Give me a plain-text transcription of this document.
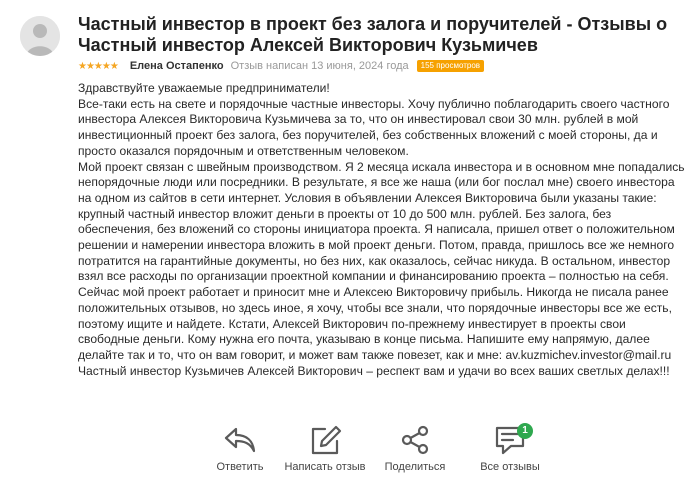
Частный инвестор в проект без залога и поручителей - Отзывы о Частный инвестор Алексей Викторович Кузьмичев
★★★★★ Елена Остапенко Отзыв написан 13 июня, 2024 года	155 просмотров

Здравствуйте уважаемые предприниматели!

Все-таки есть на свете и порядочные частные инвесторы. Хочу публично поблагодарить своего частного инвестора Алексея Викторовича Кузьмичева за то, что он инвестировал свои 30 млн. рублей в мой инвестиционный проект без залога, без поручителей, без собственных вложений с моей стороны, да и просто оказался порядочным и ответственным человеком.

Мой проект связан с швейным производством. Я 2 месяца искала инвестора и в основном мне попадались непорядочные люди или посредники. В результате, я все же наша (или бог послал мне) своего инвестора на одном из сайтов в сети интернет. Условия в объявлении Алексея Викторовича были указаны такие: крупный частный инвестор вложит деньги в проекты от 10 до 500 млн. рублей. Без залога, без обеспечения, без вложений со стороны инициатора проекта. Я написала, пришел ответ о положительном решении и намерении инвестора вложить в мой проект деньги. Потом, правда, пришлось все же немного потратится на гарантийные документы, но без них, как оказалось, сейчас никуда. В остальном, инвестор взял все расходы по организации проектной компании и финансированию проекта – полностью на себя. Сейчас мой проект работает и приносит мне и Алексею Викторовичу прибыль. Никогда не писала ранее положительных отзывов, но здесь иное, я хочу, чтобы все знали, что порядочные инвесторы все же есть, поэтому ищите и найдете. Кстати, Алексей Викторович по-прежнему инвестирует в проекты свои свободные деньги. Кому нужна его почта, указываю в конце письма. Напишите ему напрямую, далее делайте так и то, что он вам говорит, и может вам также повезет, как и мне: av.kuzmichev.investor@mail.ru

Частный инвестор Кузьмичев Алексей Викторович – респект вам и удачи во всех ваших светлых делах!!!

Ответить	Написать отзыв	Поделиться
1
Все отзывы
